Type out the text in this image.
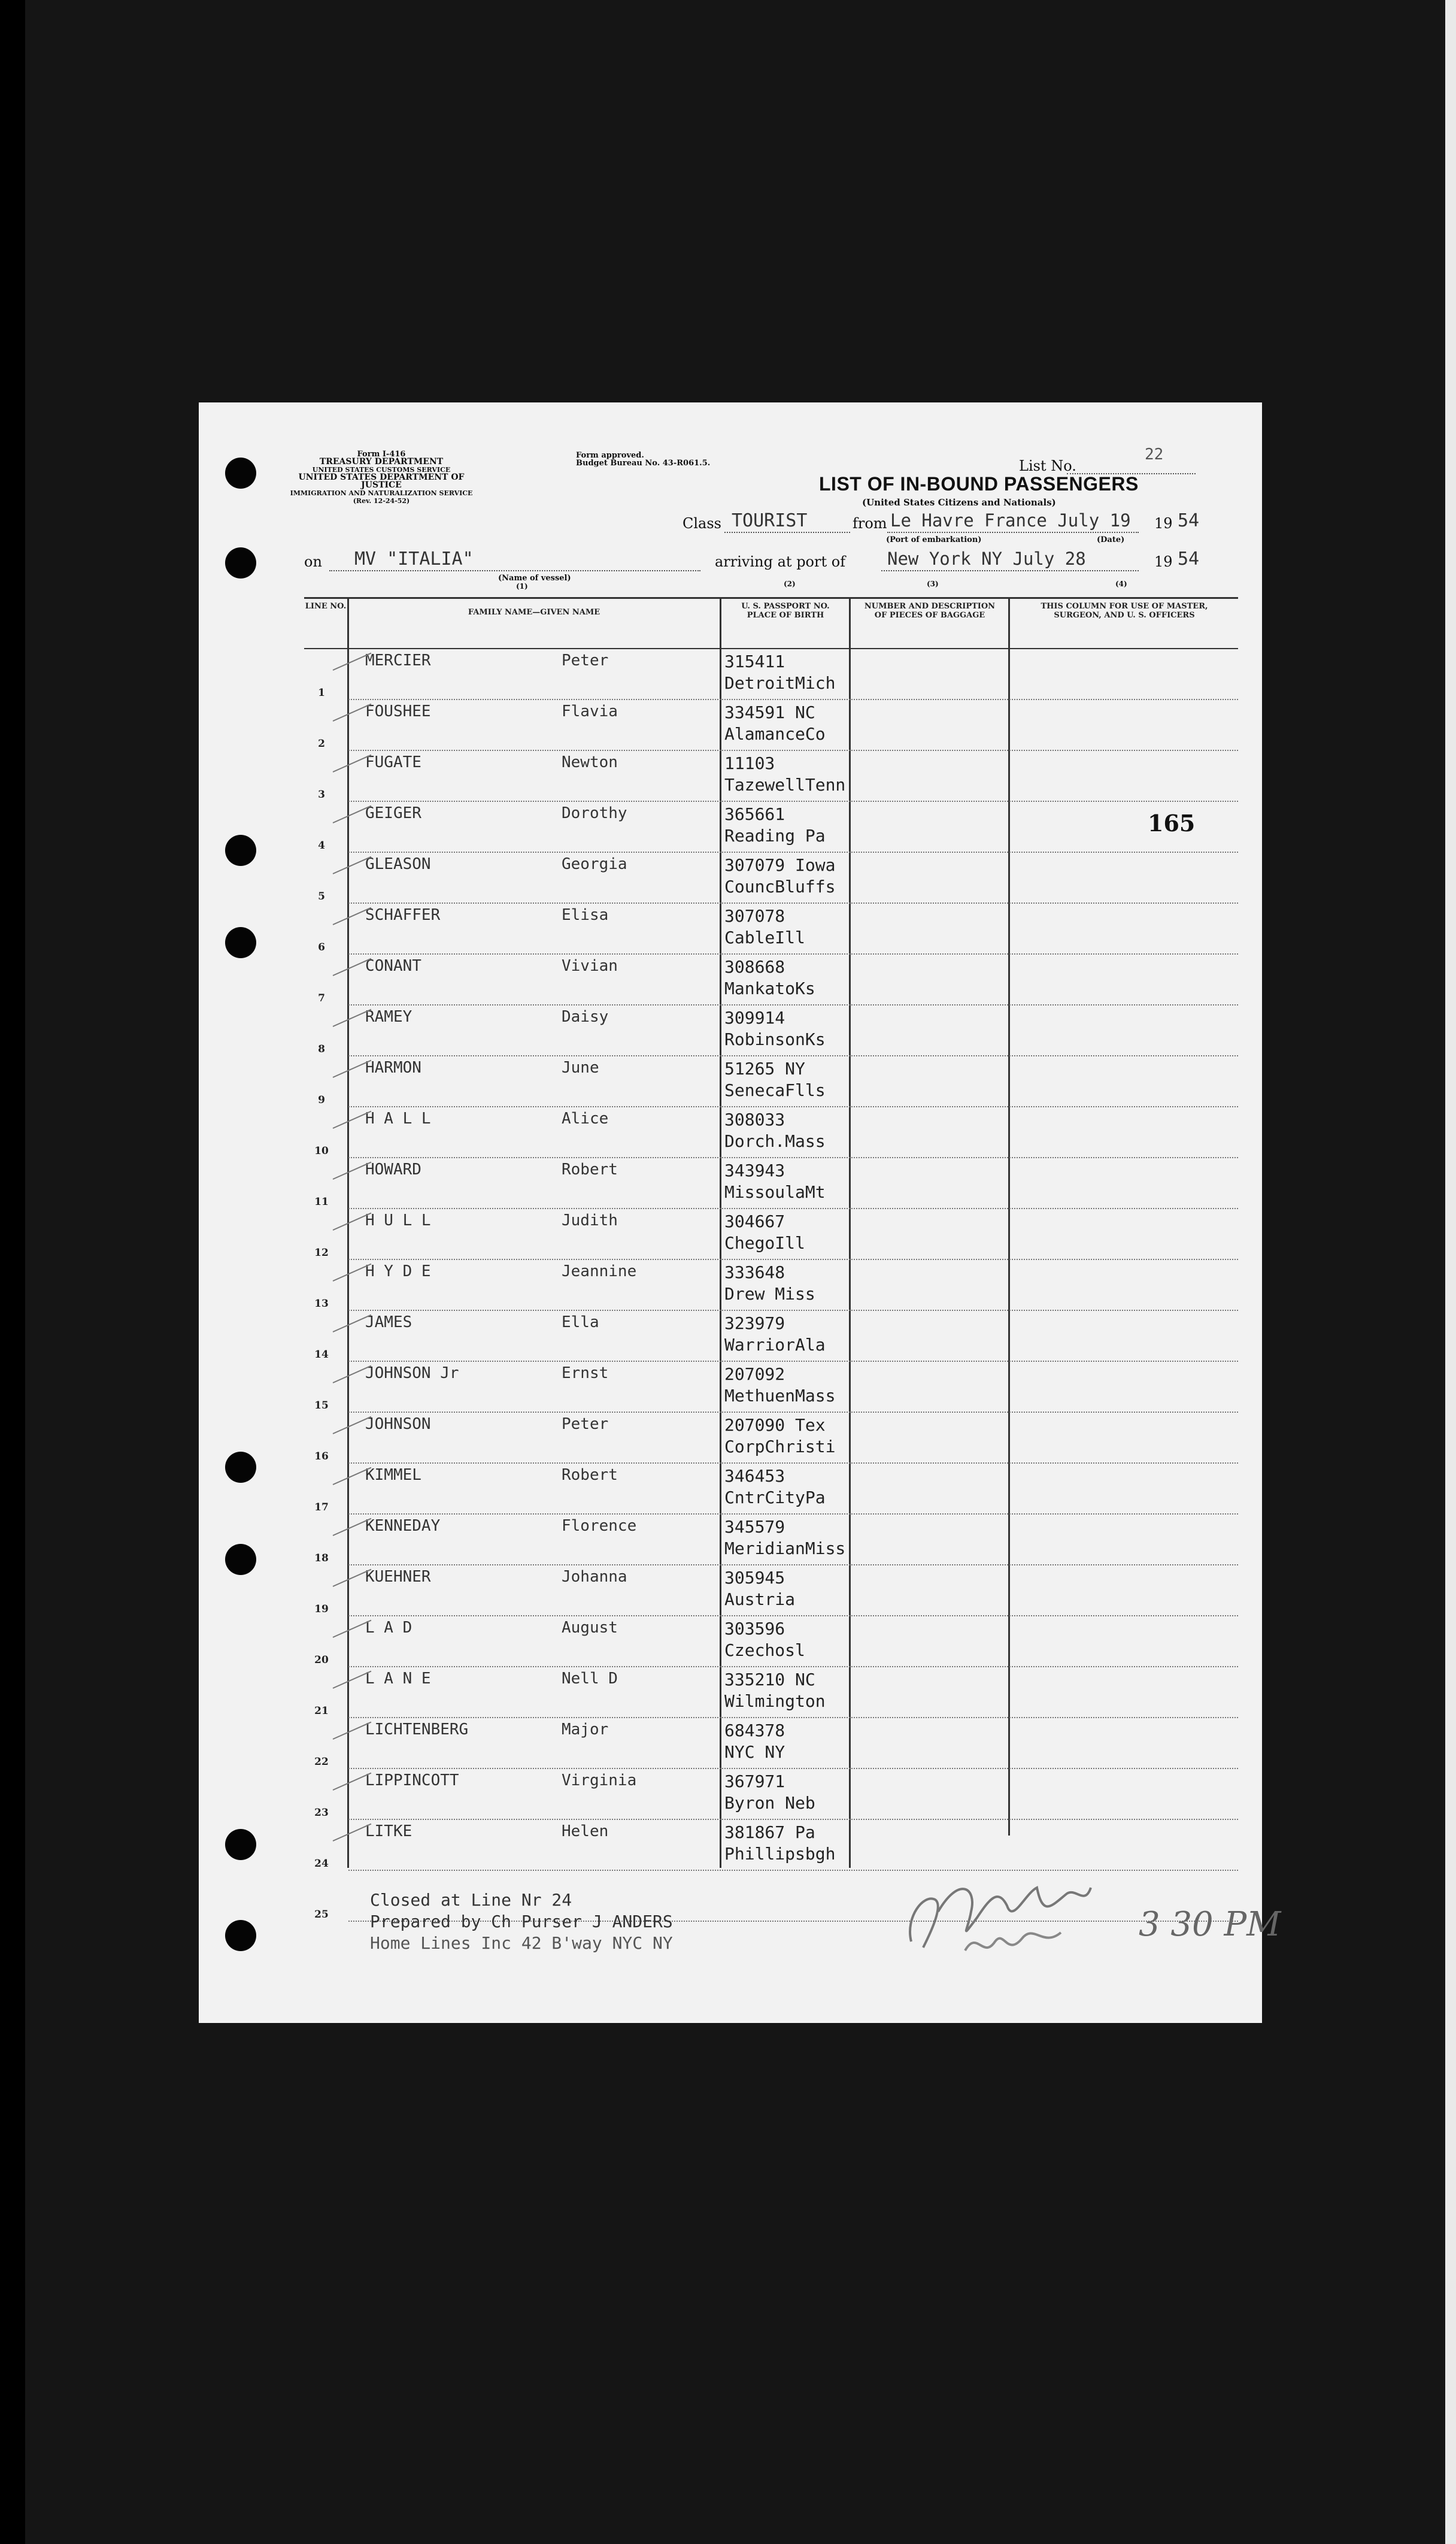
Form I-416
TREASURY DEPARTMENT
UNITED STATES CUSTOMS SERVICE
UNITED STATES DEPARTMENT OF JUSTICE
IMMIGRATION AND NATURALIZATION SERVICE
(Rev. 12-24-52)
Form approved.
Budget Bureau No. 43-R061.5.	List No.
22
LIST OF IN-BOUND PASSENGERS
(United States Citizens and Nationals)
Class TOURIST	from Le Havre France July 19 19 54
(Port of embarkation)	(Date)
on MV "ITALIA"	arriving at port of New York NY July 28	19 54
(Name of vessel)
(1)	(2)	(3)	(4)
LINE NO.
FAMILY NAME—GIVEN NAME
U. S. PASSPORT NO. PLACE OF BIRTH
NUMBER AND DESCRIPTION OF PIECES OF BAGGAGE
THIS COLUMN FOR USE OF MASTER, SURGEON, AND U. S. OFFICERS
1
MERCIER	Peter	315411
DetroitMich
2
FOUSHEE	Flavia	334591 NC
AlamanceCo
3
FUGATE	Newton	11103
TazewellTenn
4
GEIGER	Dorothy	365661
Reading Pa
5
GLEASON	Georgia	307079 Iowa
CouncBluffs
6
SCHAFFER	Elisa	307078
CableIll
7
CONANT	Vivian	308668
MankatoKs
8
RAMEY	Daisy	309914
RobinsonKs
9
HARMON	June	51265 NY
SenecaFlls
10
H A L L	Alice	308033
Dorch.Mass
11
HOWARD	Robert	343943
MissoulaMt
12
H U L L	Judith	304667
ChegoIll
13
H Y D E	Jeannine	333648
Drew Miss
14
JAMES	Ella	323979
WarriorAla
15
JOHNSON Jr	Ernst	207092
MethuenMass
16
JOHNSON	Peter	207090 Tex
CorpChristi
17
KIMMEL	Robert	346453
CntrCityPa
18
KENNEDAY	Florence	345579
MeridianMiss
19
KUEHNER	Johanna	305945
Austria
20
L A D	August	303596
Czechosl
21
L A N E	Nell D	335210 NC
Wilmington
22
LICHTENBERG	Major	684378
NYC NY
23
LIPPINCOTT	Virginia	367971
Byron Neb
24
LITKE	Helen	381867 Pa
Phillipsbgh
25
Closed at Line Nr 24
Prepared by Ch Purser J ANDERS
Home Lines Inc 42 B'way NYC NY
165
3 30 PM
